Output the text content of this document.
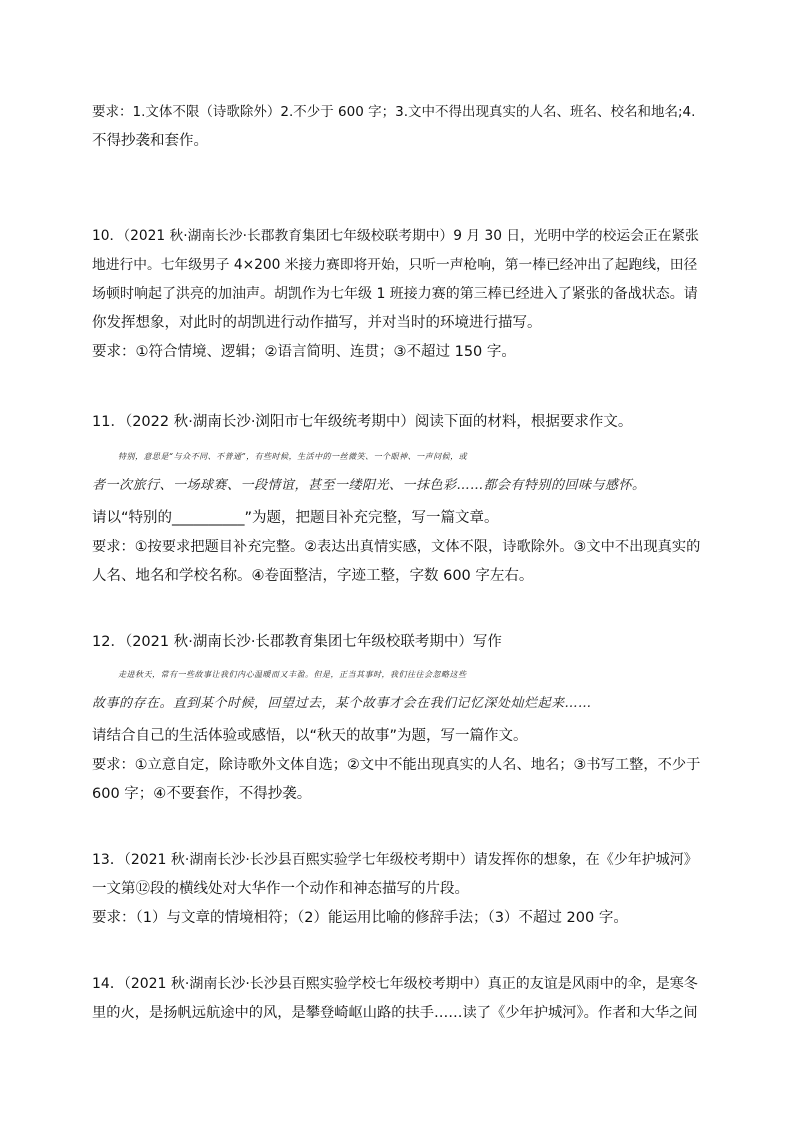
要求：1.文体不限（诗歌除外）2.不少于 600 字；3.文中不得出现真实的人名、班名、校名和地名;4.
不得抄袭和套作。
10．（2021 秋·湖南长沙·长郡教育集团七年级校联考期中）9 月 30 日，光明中学的校运会正在紧张
地进行中。七年级男子 4×200 米接力赛即将开始，只听一声枪响，第一棒已经冲出了起跑线，田径
场顿时响起了洪亮的加油声。胡凯作为七年级 1 班接力赛的第三棒已经进入了紧张的备战状态。请
你发挥想象，对此时的胡凯进行动作描写，并对当时的环境进行描写。
要求：①符合情境、逻辑；②语言简明、连贯；③不超过 150 字。
11．（2022 秋·湖南长沙·浏阳市七年级统考期中）阅读下面的材料，根据要求作文。
特别，意思是“与众不同、不普通”，有些时候，生活中的一丝微笑、一个眼神、一声问候，或
者一次旅行、一场球赛、一段情谊，甚至一缕阳光、一抹色彩……都会有特别的回味与感怀。
请以“特别的__________”为题，把题目补充完整，写一篇文章。
要求：①按要求把题目补充完整。②表达出真情实感，文体不限，诗歌除外。③文中不出现真实的
人名、地名和学校名称。④卷面整洁，字迹工整，字数 600 字左右。
12．（2021 秋·湖南长沙·长郡教育集团七年级校联考期中）写作
走进秋天，常有一些故事让我们内心温暖而又丰盈。但是，正当其事时，我们往往会忽略这些
故事的存在。直到某个时候，回望过去，某个故事才会在我们记忆深处灿烂起来……
请结合自己的生活体验或感悟，以“秋天的故事”为题，写一篇作文。
要求：①立意自定，除诗歌外文体自选；②文中不能出现真实的人名、地名；③书写工整，不少于
600 字；④不要套作，不得抄袭。
13．（2021 秋·湖南长沙·长沙县百熙实验学七年级校考期中）请发挥你的想象，在《少年护城河》
一文第⑫段的横线处对大华作一个动作和神态描写的片段。
要求：（1）与文章的情境相符；（2）能运用比喻的修辞手法；（3）不超过 200 字。
14．（2021 秋·湖南长沙·长沙县百熙实验学校七年级校考期中）真正的友谊是风雨中的伞，是寒冬
里的火，是扬帆远航途中的风，是攀登崎岖山路的扶手……读了《少年护城河》。作者和大华之间
